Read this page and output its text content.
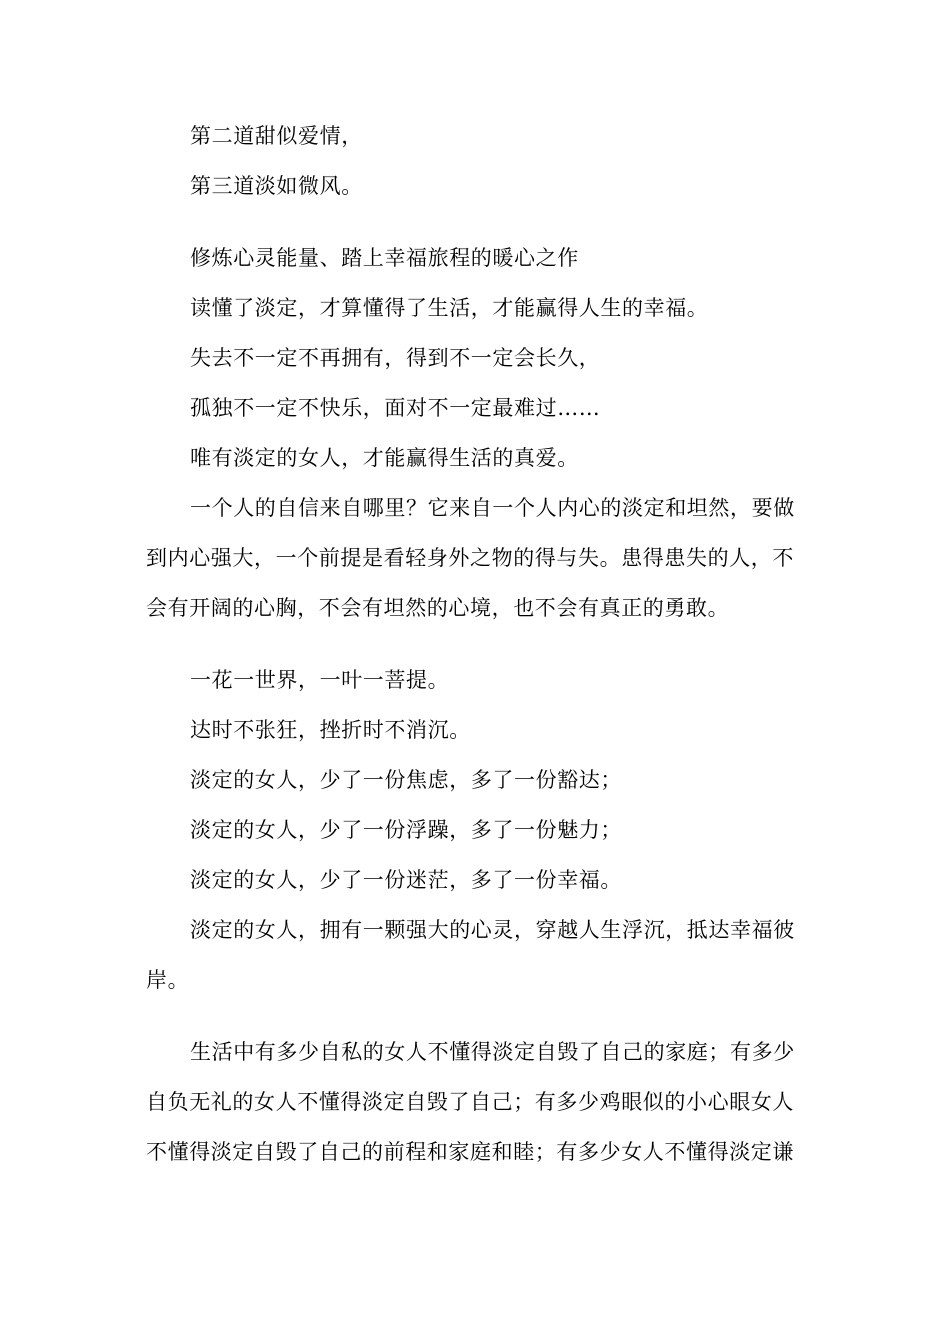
第二道甜似爱情，
第三道淡如微风。
修炼心灵能量、踏上幸福旅程的暖心之作
读懂了淡定，才算懂得了生活，才能赢得人生的幸福。
失去不一定不再拥有，得到不一定会长久，
孤独不一定不快乐，面对不一定最难过……
唯有淡定的女人，才能赢得生活的真爱。
一个人的自信来自哪里？它来自一个人内心的淡定和坦然，要做
到内心强大，一个前提是看轻身外之物的得与失。患得患失的人，不
会有开阔的心胸，不会有坦然的心境，也不会有真正的勇敢。
一花一世界，一叶一菩提。
达时不张狂，挫折时不消沉。
淡定的女人，少了一份焦虑，多了一份豁达；
淡定的女人，少了一份浮躁，多了一份魅力；
淡定的女人，少了一份迷茫，多了一份幸福。
淡定的女人，拥有一颗强大的心灵，穿越人生浮沉，抵达幸福彼
岸。
生活中有多少自私的女人不懂得淡定自毁了自己的家庭；有多少
自负无礼的女人不懂得淡定自毁了自己；有多少鸡眼似的小心眼女人
不懂得淡定自毁了自己的前程和家庭和睦；有多少女人不懂得淡定谦
